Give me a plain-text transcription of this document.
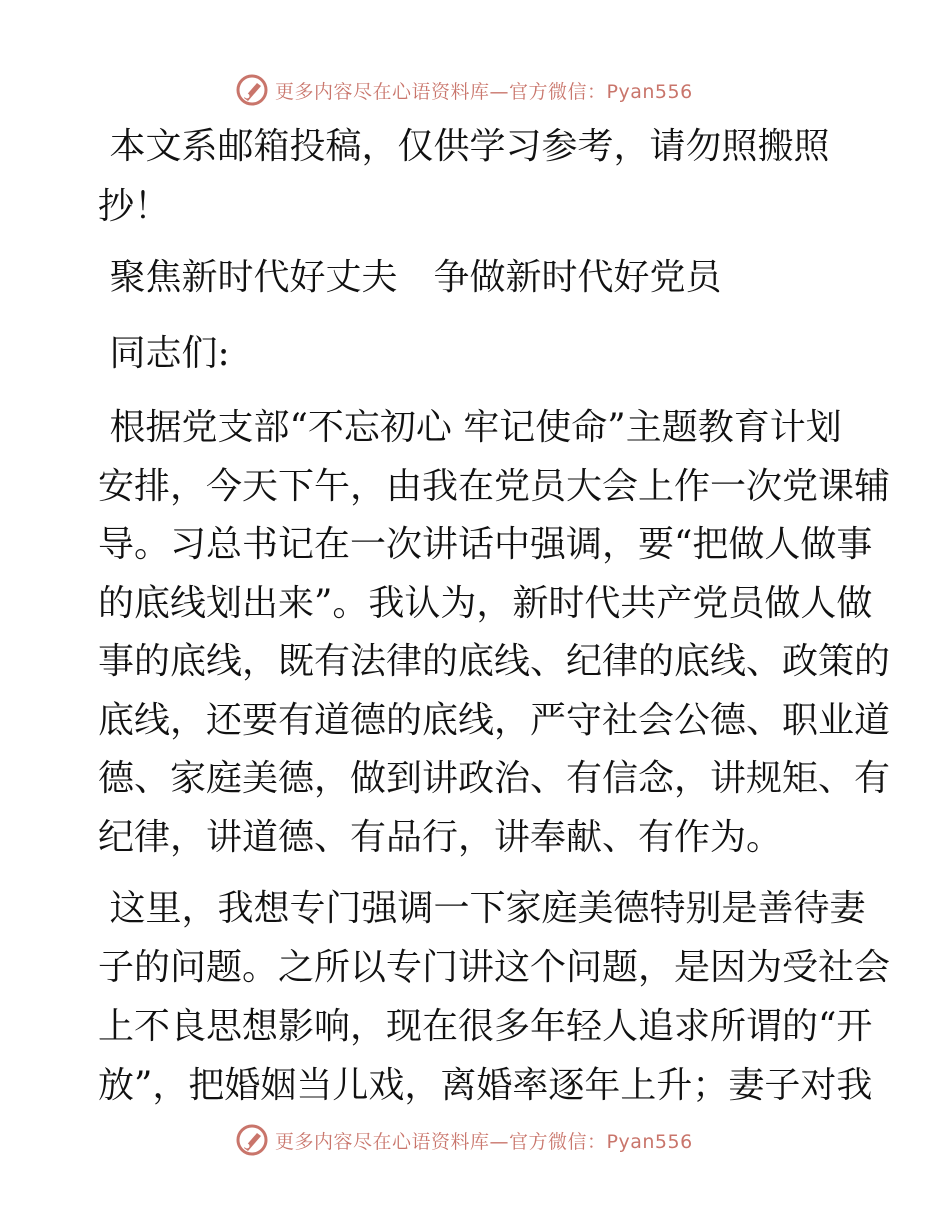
更多内容尽在心语资料库—官方微信：Pyan556
更多内容尽在心语资料库—官方微信：Pyan556

本文系邮箱投稿，仅供学习参考，请勿照搬照

抄！

聚焦新时代好丈夫　争做新时代好党员

同志们:

根据党支部“不忘初心 牢记使命”主题教育计划

安排，今天下午，由我在党员大会上作一次党课辅

导。习总书记在一次讲话中强调，要“把做人做事

的底线划出来”。我认为，新时代共产党员做人做

事的底线，既有法律的底线、纪律的底线、政策的

底线，还要有道德的底线，严守社会公德、职业道

德、家庭美德，做到讲政治、有信念，讲规矩、有

纪律，讲道德、有品行，讲奉献、有作为。

这里，我想专门强调一下家庭美德特别是善待妻

子的问题。之所以专门讲这个问题，是因为受社会

上不良思想影响，现在很多年轻人追求所谓的“开

放”，把婚姻当儿戏，离婚率逐年上升；妻子对我
